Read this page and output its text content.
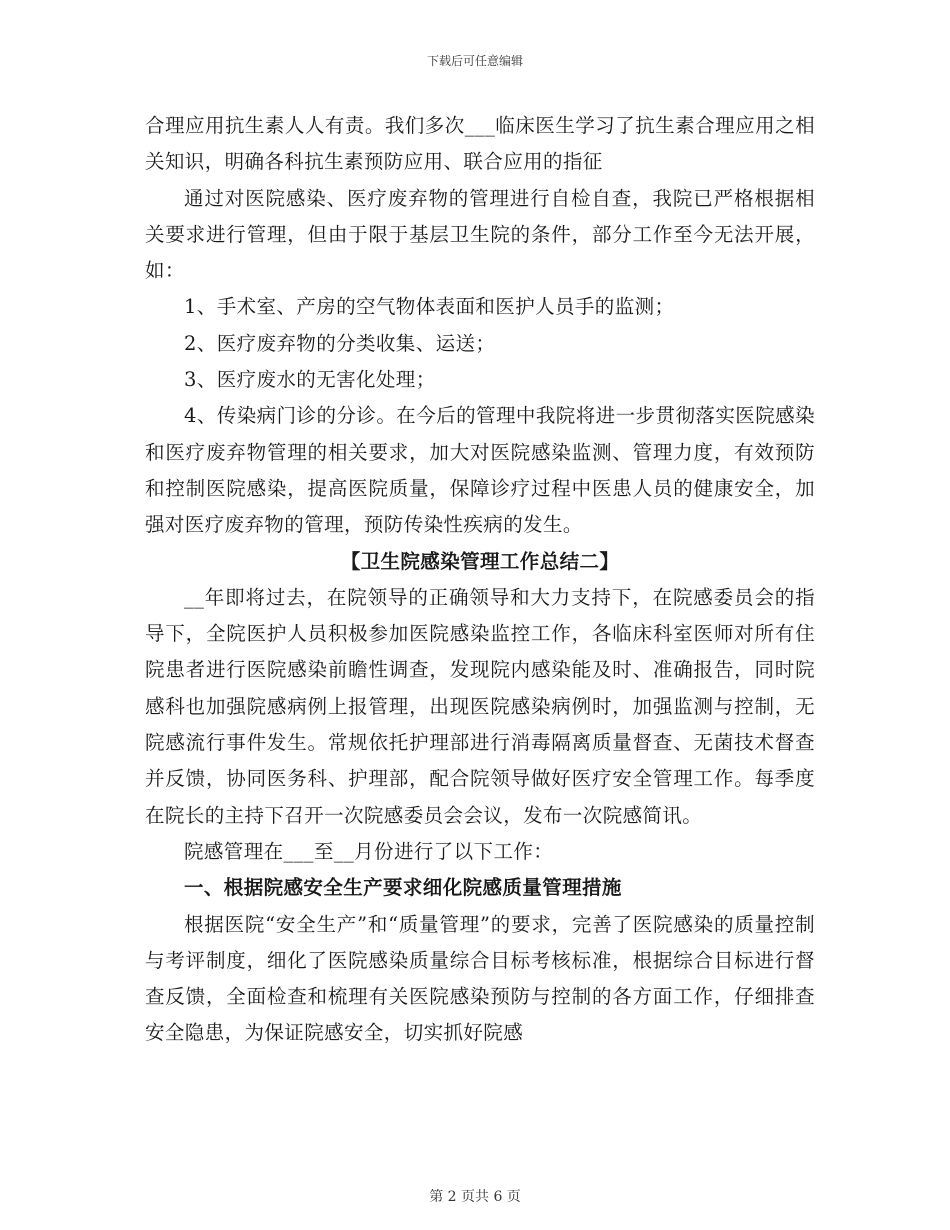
下载后可任意编辑

合理应用抗生素人人有责。我们多次___临床医生学习了抗生素合理应用之相关知识，明确各科抗生素预防应用、联合应用的指征

通过对医院感染、医疗废弃物的管理进行自检自查，我院已严格根据相关要求进行管理，但由于限于基层卫生院的条件，部分工作至今无法开展，如：

1、手术室、产房的空气物体表面和医护人员手的监测；

2、医疗废弃物的分类收集、运送；

3、医疗废水的无害化处理；

4、传染病门诊的分诊。在今后的管理中我院将进一步贯彻落实医院感染和医疗废弃物管理的相关要求，加大对医院感染监测、管理力度，有效预防和控制医院感染，提高医院质量，保障诊疗过程中医患人员的健康安全，加强对医疗废弃物的管理，预防传染性疾病的发生。

【卫生院感染管理工作总结二】

__年即将过去，在院领导的正确领导和大力支持下，在院感委员会的指导下，全院医护人员积极参加医院感染监控工作，各临床科室医师对所有住院患者进行医院感染前瞻性调查，发现院内感染能及时、准确报告，同时院感科也加强院感病例上报管理，出现医院感染病例时，加强监测与控制，无院感流行事件发生。常规依托护理部进行消毒隔离质量督查、无菌技术督查并反馈，协同医务科、护理部，配合院领导做好医疗安全管理工作。每季度在院长的主持下召开一次院感委员会会议，发布一次院感简讯。

院感管理在___至__月份进行了以下工作：

一、根据院感安全生产要求细化院感质量管理措施

根据医院“安全生产”和“质量管理”的要求，完善了医院感染的质量控制与考评制度，细化了医院感染质量综合目标考核标准，根据综合目标进行督查反馈，全面检查和梳理有关医院感染预防与控制的各方面工作，仔细排查安全隐患，为保证院感安全，切实抓好院感

第 2 页共 6 页
